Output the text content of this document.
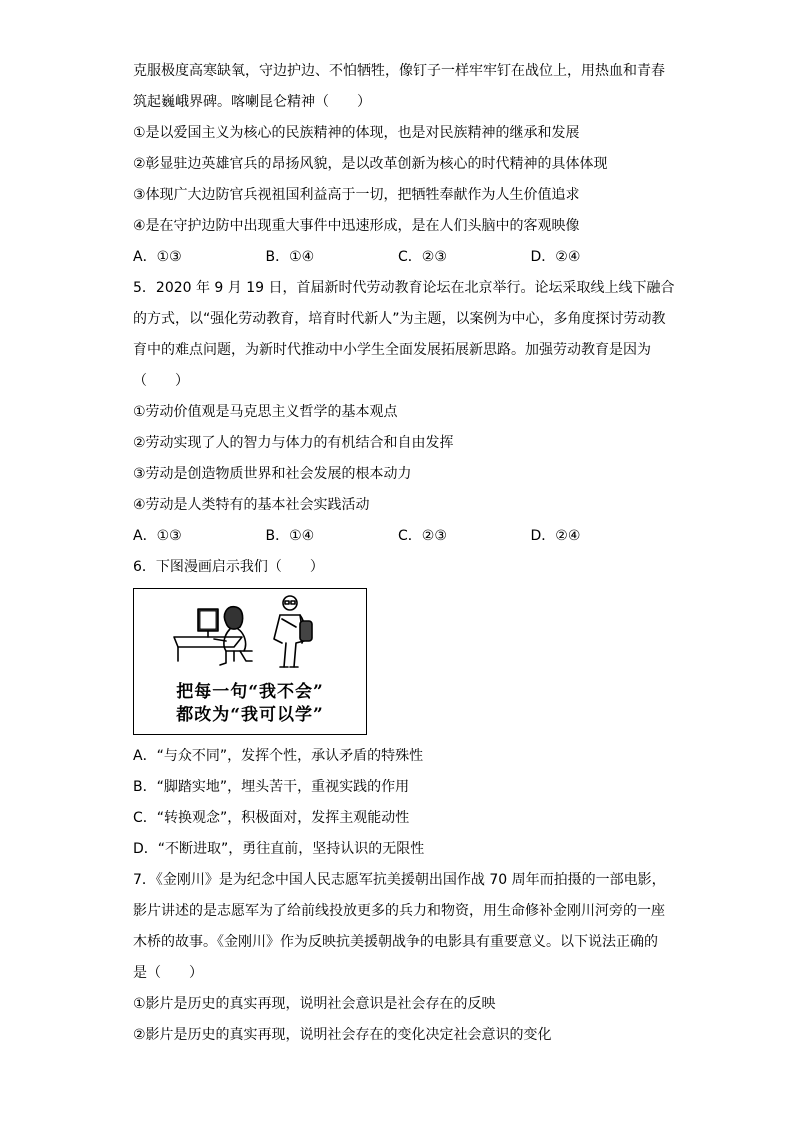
克服极度高寒缺氧，守边护边、不怕牺牲，像钉子一样牢牢钉在战位上，用热血和青春
筑起巍峨界碑。喀喇昆仑精神（　　）
①是以爱国主义为核心的民族精神的体现，也是对民族精神的继承和发展
②彰显驻边英雄官兵的昂扬风貌，是以改革创新为核心的时代精神的具体体现
③体现广大边防官兵视祖国利益高于一切，把牺牲奉献作为人生价值追求
④是在守护边防中出现重大事件中迅速形成，是在人们头脑中的客观映像
A．①③	B．①④	C．②③	D．②④
5．2020 年 9 月 19 日，首届新时代劳动教育论坛在北京举行。论坛采取线上线下融合
的方式，以“强化劳动教育，培育时代新人”为主题，以案例为中心，多角度探讨劳动教
育中的难点问题，为新时代推动中小学生全面发展拓展新思路。加强劳动教育是因为
（　　）
①劳动价值观是马克思主义哲学的基本观点
②劳动实现了人的智力与体力的有机结合和自由发挥
③劳动是创造物质世界和社会发展的根本动力
④劳动是人类特有的基本社会实践活动
A．①③	B．①④	C．②③	D．②④
6．下图漫画启示我们（　　）
把每一句“我不会”
都改为“我可以学”
A．“与众不同”，发挥个性，承认矛盾的特殊性
B．“脚踏实地”，埋头苦干，重视实践的作用
C．“转换观念”，积极面对，发挥主观能动性
D．“不断进取”，勇往直前，坚持认识的无限性
7．《金刚川》是为纪念中国人民志愿军抗美援朝出国作战 70 周年而拍摄的一部电影，
影片讲述的是志愿军为了给前线投放更多的兵力和物资，用生命修补金刚川河旁的一座
木桥的故事。《金刚川》作为反映抗美援朝战争的电影具有重要意义。以下说法正确的
是（　　）
①影片是历史的真实再现，说明社会意识是社会存在的反映
②影片是历史的真实再现，说明社会存在的变化决定社会意识的变化
